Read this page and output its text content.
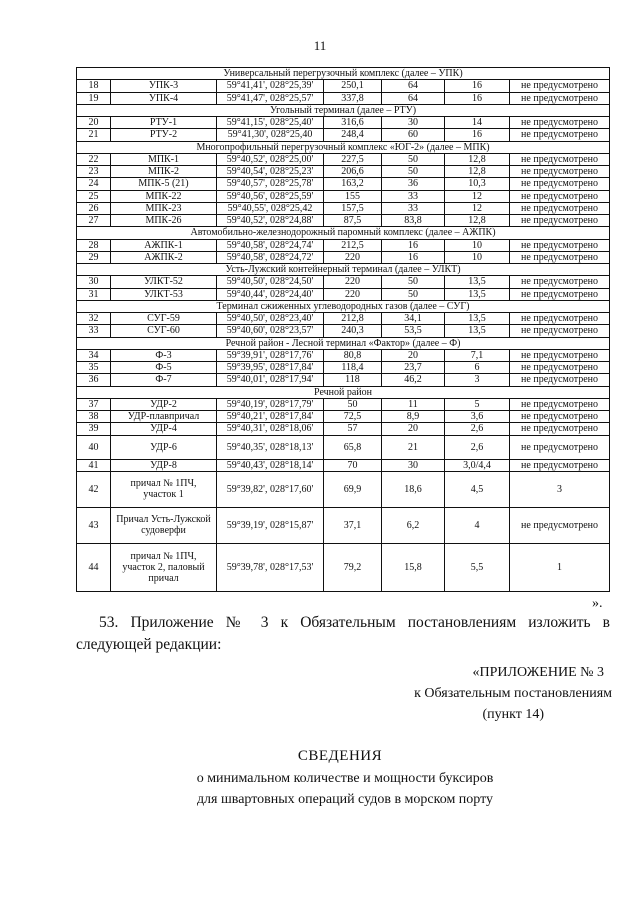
11
Универсальный перегрузочный комплекс (далее – УПК)						
18	УПК-3	59°41,41', 028°25,39'	250,1	64	16	не предусмотрено
19	УПК-4	59°41,47', 028°25,57'	337,8	64	16	не предусмотрено
Угольный терминал (далее – РТУ)						
20	РТУ-1	59°41,15', 028°25,40'	316,6	30	14	не предусмотрено
21	РТУ-2	59°41,30', 028°25,40	248,4	60	16	не предусмотрено
Многопрофильный перегрузочный комплекс «ЮГ-2» (далее – МПК)						
22	МПК-1	59°40,52', 028°25,00'	227,5	50	12,8	не предусмотрено
23	МПК-2	59°40,54', 028°25,23'	206,6	50	12,8	не предусмотрено
24	МПК-5 (21)	59°40,57', 028°25,78'	163,2	36	10,3	не предусмотрено
25	МПК-22	59°40,56', 028°25,59'	155	33	12	не предусмотрено
26	МПК-23	59°40,55', 028°25,42	157,5	33	12	не предусмотрено
27	МПК-26	59°40,52', 028°24,88'	87,5	83,8	12,8	не предусмотрено
Автомобильно-железнодорожный паромный комплекс (далее – АЖПК)						
28	АЖПК-1	59°40,58', 028°24,74'	212,5	16	10	не предусмотрено
29	АЖПК-2	59°40,58', 028°24,72'	220	16	10	не предусмотрено
Усть-Лужский контейнерный терминал (далее – УЛКТ)						
30	УЛКТ-52	59°40,50', 028°24,50'	220	50	13,5	не предусмотрено
31	УЛКТ-53	59°40,44', 028°24,40'	220	50	13,5	не предусмотрено
Терминал сжиженных углеводородных газов (далее – СУГ)						
32	СУГ-59	59°40,50', 028°23,40'	212,8	34,1	13,5	не предусмотрено
33	СУГ-60	59°40,60', 028°23,57'	240,3	53,5	13,5	не предусмотрено
Речной район - Лесной терминал «Фактор» (далее – Ф)						
34	Ф-3	59°39,91', 028°17,76'	80,8	20	7,1	не предусмотрено
35	Ф-5	59°39,95', 028°17,84'	118,4	23,7	6	не предусмотрено
36	Ф-7	59°40,01', 028°17,94'	118	46,2	3	не предусмотрено
Речной район						
37	УДР-2	59°40,19', 028°17,79'	50	11	5	не предусмотрено
38	УДР-плавпричал	59°40,21', 028°17,84'	72,5	8,9	3,6	не предусмотрено
39	УДР-4	59°40,31', 028°18,06'	57	20	2,6	не предусмотрено
40	УДР-6	59°40,35', 028°18,13'	65,8	21	2,6	не предусмотрено
41	УДР-8	59°40,43', 028°18,14'	70	30	3,0/4,4	не предусмотрено
42	причал № 1ПЧ, участок 1	59°39,82', 028°17,60'	69,9	18,6	4,5	3
43	Причал Усть-Лужской судоверфи	59°39,19', 028°15,87'	37,1	6,2	4	не предусмотрено
44	причал № 1ПЧ, участок 2, паловый причал	59°39,78', 028°17,53'	79,2	15,8	5,5	1
».
53. Приложение № 3 к Обязательным постановлениям изложить в следующей редакции:
«ПРИЛОЖЕНИЕ № 3
к Обязательным постановлениям
(пункт 14)
СВЕДЕНИЯ
о минимальном количестве и мощности буксиров
для швартовных операций судов в морском порту
